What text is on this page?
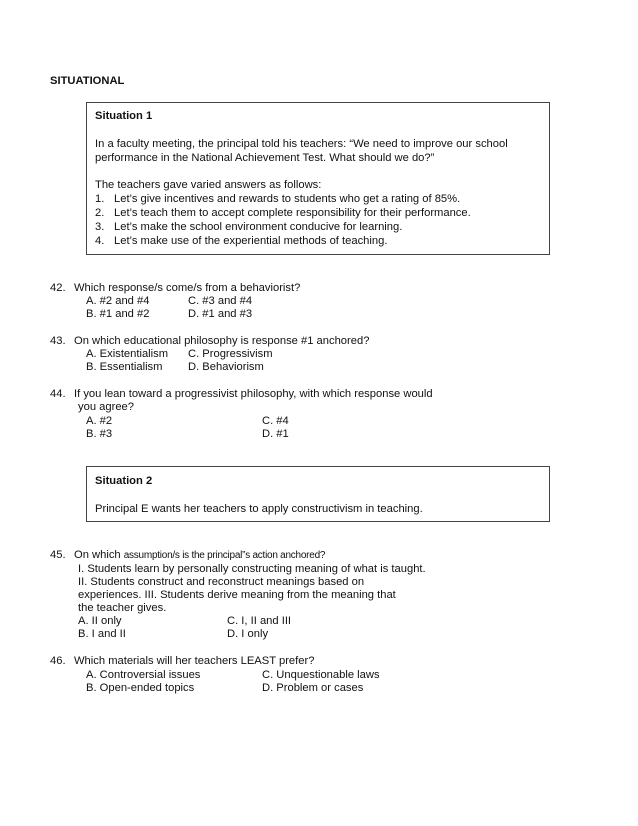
SITUATIONAL
Situation 1
In a faculty meeting, the principal told his teachers: “We need to improve our school
performance in the National Achievement Test. What should we do?”
The teachers gave varied answers as follows:
1. Let’s give incentives and rewards to students who get a rating of 85%.
2. Let’s teach them to accept complete responsibility for their performance.
3. Let’s make the school environment conducive for learning.
4. Let’s make use of the experiential methods of teaching.
42. Which response/s come/s from a behaviorist?
A. #2 and #4	C. #3 and #4
B. #1 and #2	D. #1 and #3
43. On which educational philosophy is response #1 anchored?
A. Existentialism C. Progressivism
B. Essentialism D. Behaviorism
44. If you lean toward a progressivist philosophy, with which response would
you agree?
A. #2	C. #4
B. #3	D. #1
Situation 2
Principal E wants her teachers to apply constructivism in teaching.
45. On which assumption/s is the principal”s action anchored?
I. Students learn by personally constructing meaning of what is taught.
II. Students construct and reconstruct meanings based on
experiences. III. Students derive meaning from the meaning that
the teacher gives.
A. II only	C. I, II and III
B. I and II	D. I only
46. Which materials will her teachers LEAST prefer?
A. Controversial issues	C. Unquestionable laws
B. Open-ended topics	D. Problem or cases
